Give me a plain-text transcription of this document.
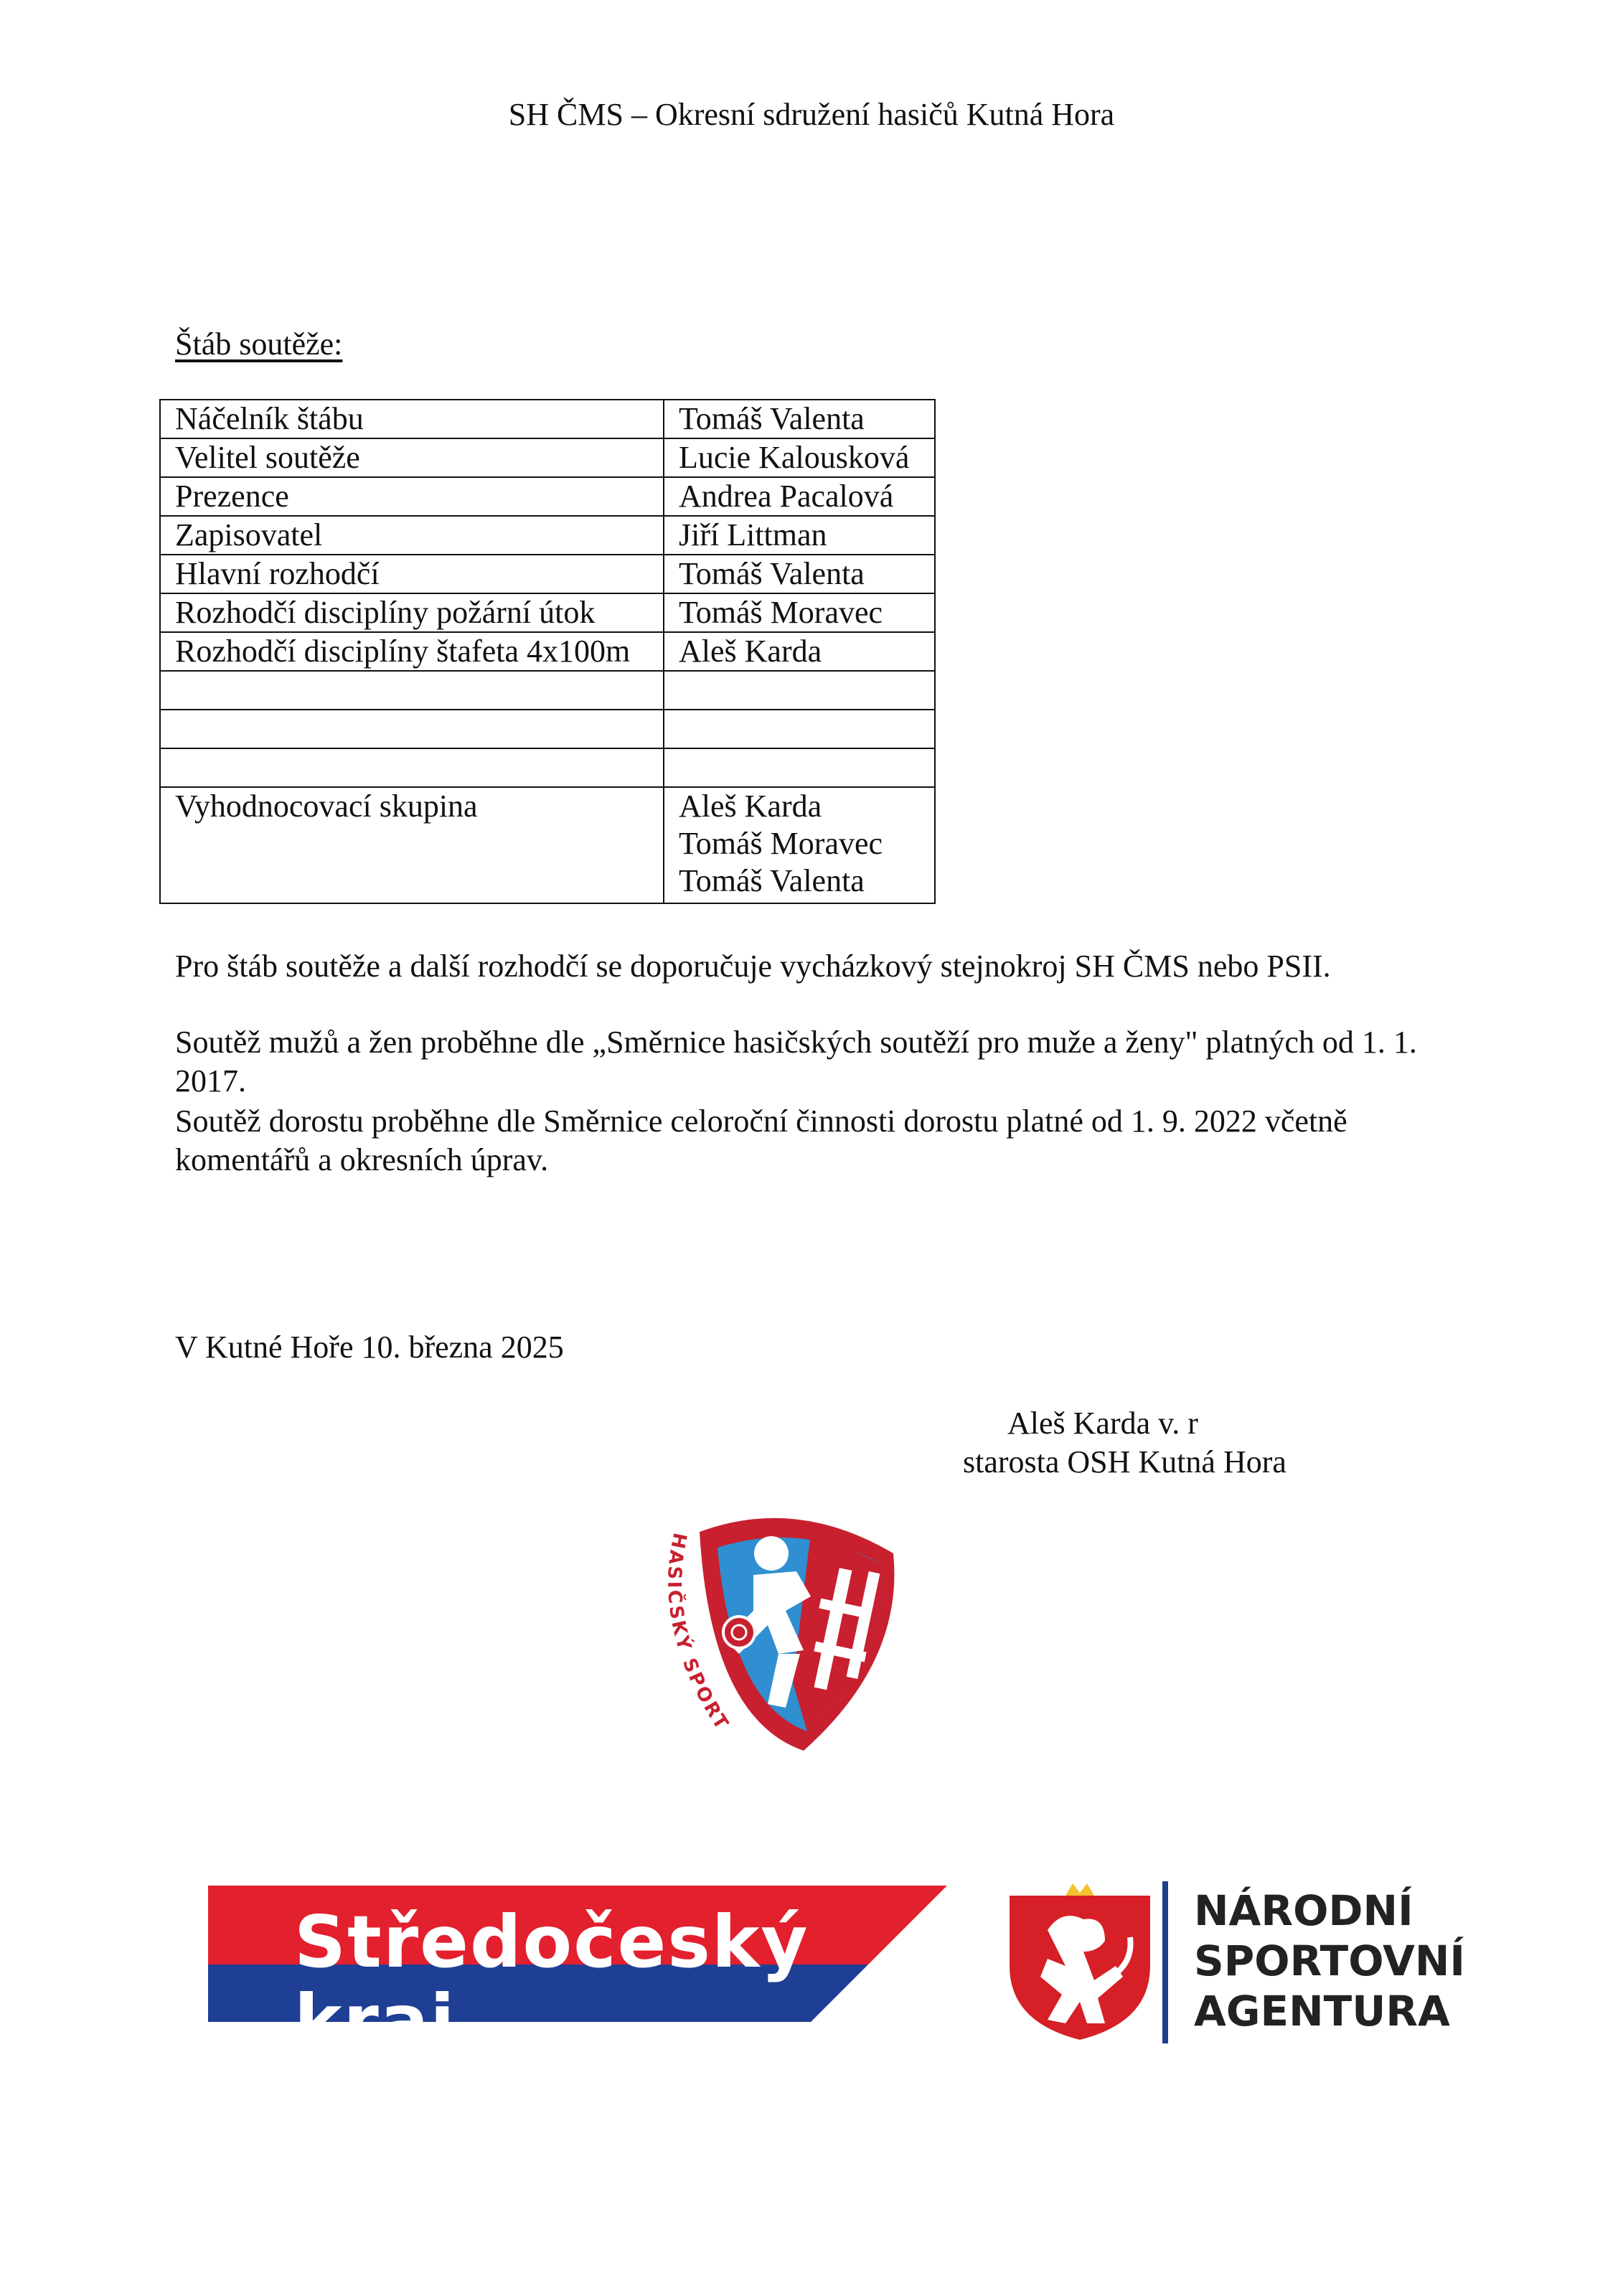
SH ČMS – Okresní sdružení hasičů Kutná Hora
Štáb soutěže:
Náčelník štábu	Tomáš Valenta
Velitel soutěže	Lucie Kalousková
Prezence	Andrea Pacalová
Zapisovatel	Jiří Littman
Hlavní rozhodčí	Tomáš Valenta
Rozhodčí disciplíny požární útok	Tomáš Moravec
Rozhodčí disciplíny štafeta 4x100m	Aleš Karda

Vyhodnocovací skupina	Aleš Karda
Tomáš Moravec
Tomáš Valenta
Pro štáb soutěže a další rozhodčí se doporučuje vycházkový stejnokroj SH ČMS nebo PSII.
Soutěž mužů a žen proběhne dle „Směrnice hasičských soutěží pro muže a ženy" platných od 1. 1. 2017.
Soutěž dorostu proběhne dle Směrnice celoroční činnosti dorostu platné od 1. 9. 2022 včetně komentářů a okresních úprav.
V Kutné Hoře 10. března 2025
Aleš Karda v. r
starosta OSH Kutná Hora
HASIČSKÝ SPORT
Středočeský kraj
NÁRODNÍ
SPORTOVNÍ
AGENTURA
